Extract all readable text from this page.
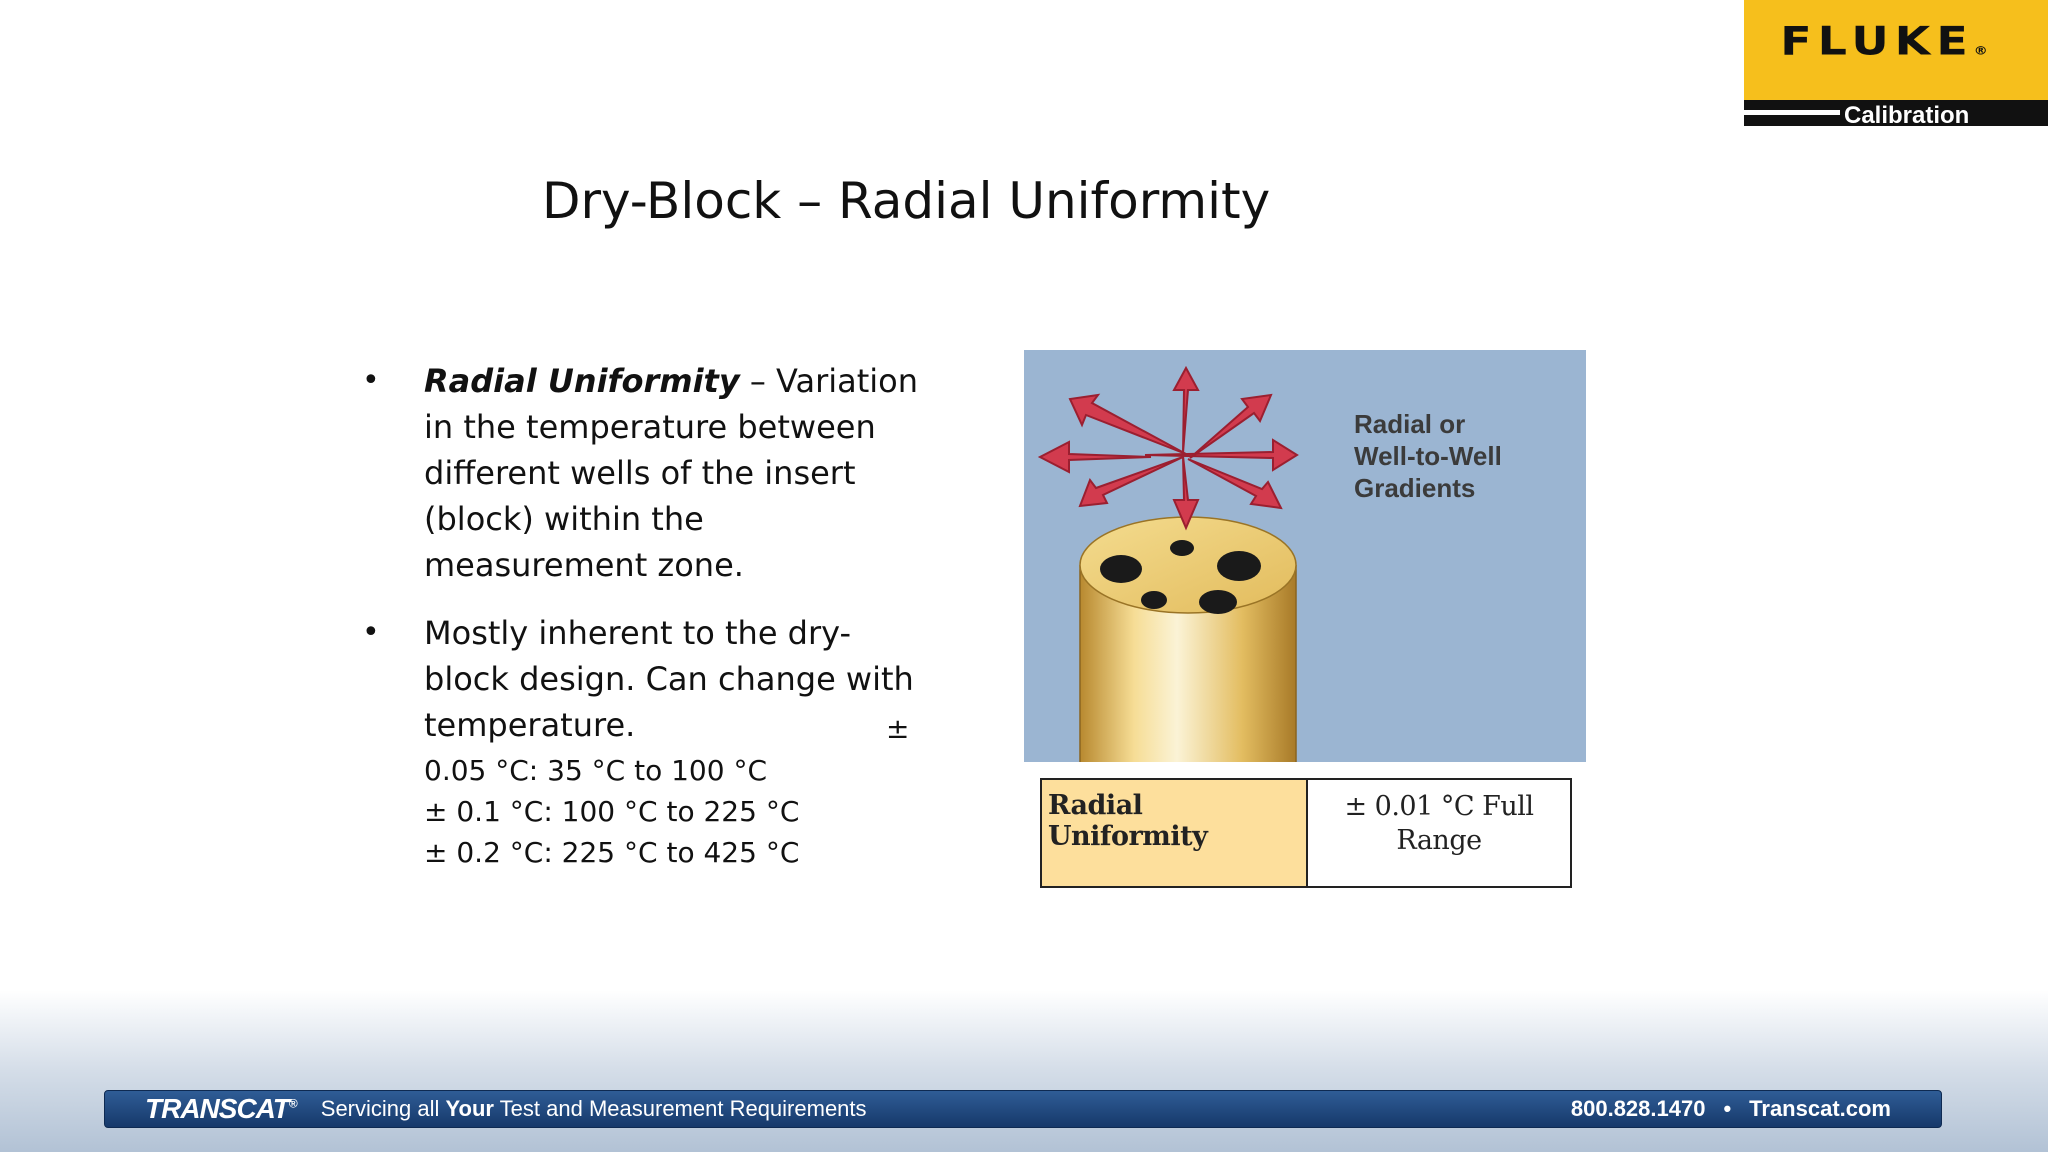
FLUKE®
Calibration
Dry-Block – Radial Uniformity
• Radial Uniformity – Variation in the temperature between different wells of the insert (block) within the measurement zone.
• Mostly inherent to the dry-block design. Can change with temperature.
0.05 °C: 35 °C to 100 °C
± 0.1 °C: 100 °C to 225 °C
± 0.2 °C: 225 °C to 425 °C
±
Radial or
Well-to-Well
Gradients
Radial Uniformity
± 0.01 °C Full
Range
TRANSCAT® Servicing all Your Test and Measurement Requirements	800.828.1470 • Transcat.com
